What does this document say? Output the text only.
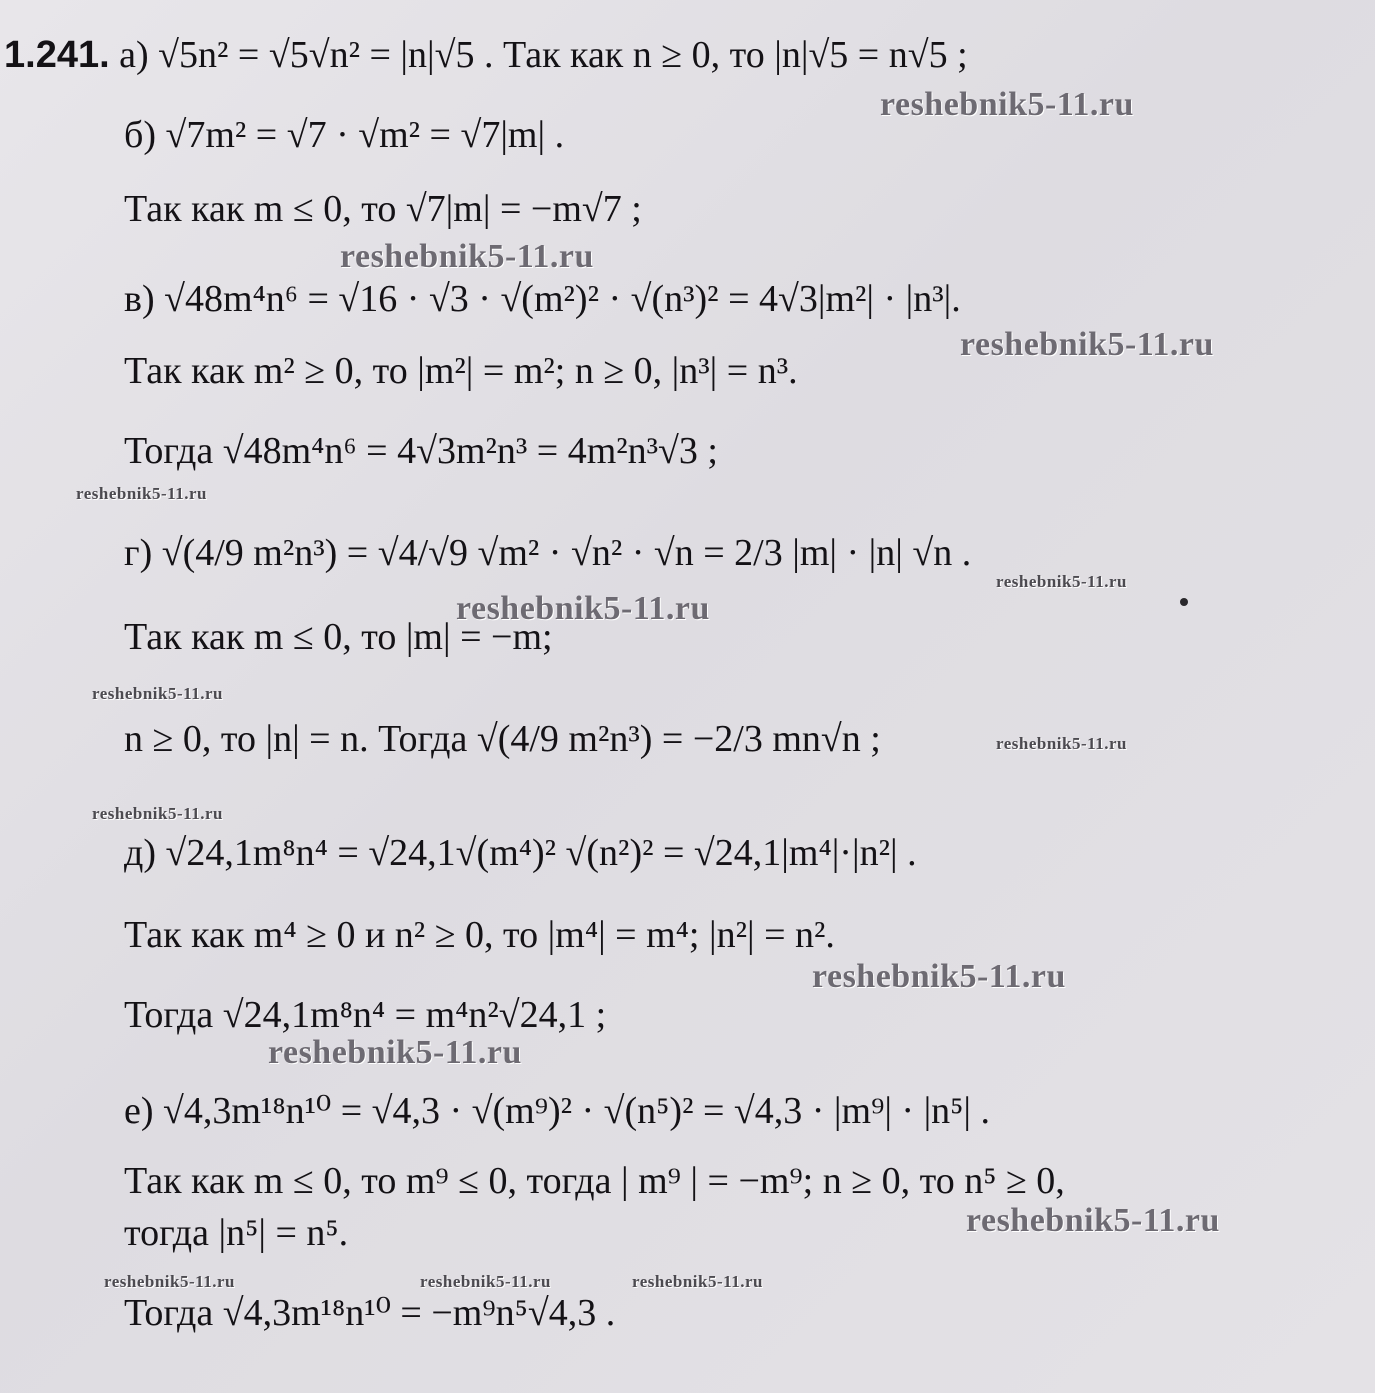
1.241. а) √5n² = √5√n² = |n|√5 . Так как n ≥ 0, то |n|√5 = n√5 ;
б) √7m² = √7 · √m² = √7|m| .
Так как m ≤ 0, то √7|m| = −m√7 ;
в) √48m⁴n⁶ = √16 · √3 · √(m²)² · √(n³)² = 4√3|m²| · |n³|.
Так как m² ≥ 0, то |m²| = m²; n ≥ 0, |n³| = n³.
Тогда √48m⁴n⁶ = 4√3m²n³ = 4m²n³√3 ;
г) √(4/9 m²n³) = √4/√9 √m² · √n² · √n = 2/3 |m| · |n| √n .
Так как m ≤ 0, то |m| = −m;
n ≥ 0, то |n| = n. Тогда √(4/9 m²n³) = −2/3 mn√n ;
д) √24,1m⁸n⁴ = √24,1√(m⁴)² √(n²)² = √24,1|m⁴|·|n²| .
Так как m⁴ ≥ 0 и n² ≥ 0, то |m⁴| = m⁴; |n²| = n².
Тогда √24,1m⁸n⁴ = m⁴n²√24,1 ;
е) √4,3m¹⁸n¹⁰ = √4,3 · √(m⁹)² · √(n⁵)² = √4,3 · |m⁹| · |n⁵| .
Так как m ≤ 0, то m⁹ ≤ 0, тогда | m⁹ | = −m⁹; n ≥ 0, то n⁵ ≥ 0,
тогда |n⁵| = n⁵.
Тогда √4,3m¹⁸n¹⁰ = −m⁹n⁵√4,3 .
reshebnik5-11.ru
reshebnik5-11.ru
reshebnik5-11.ru
reshebnik5-11.ru
reshebnik5-11.ru
reshebnik5-11.ru
reshebnik5-11.ru
reshebnik5-11.ru
reshebnik5-11.ru
reshebnik5-11.ru
reshebnik5-11.ru
reshebnik5-11.ru
reshebnik5-11.ru	reshebnik5-11.ru	reshebnik5-11.ru
